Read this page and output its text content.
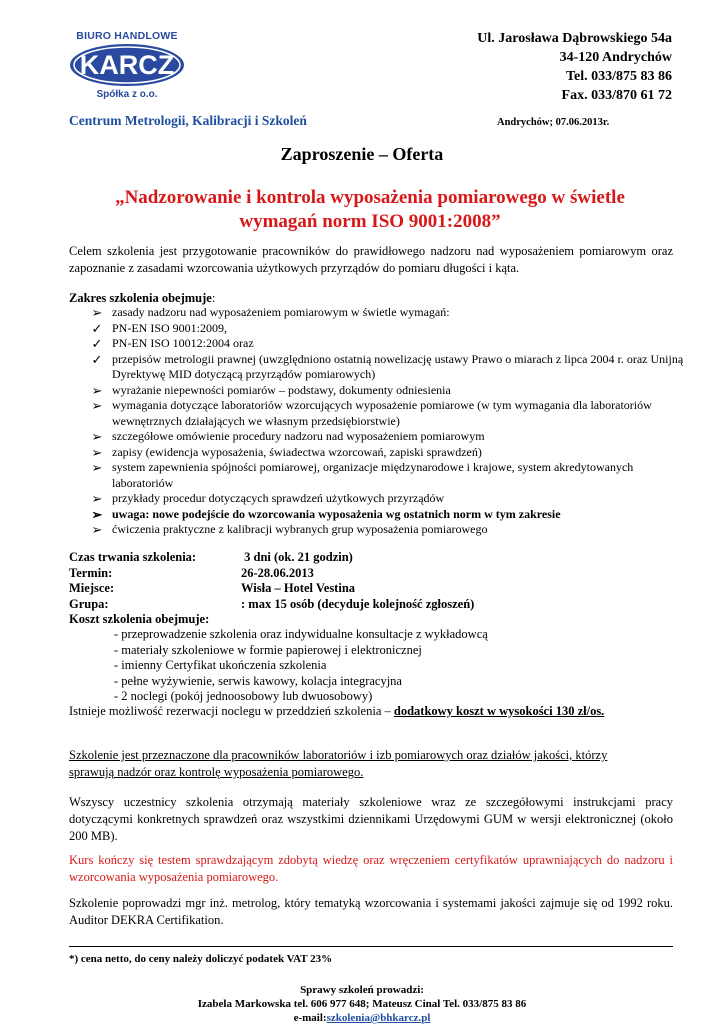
BIURO HANDLOWE
KARCZ
Spółka z o.o.
Ul. Jarosława Dąbrowskiego 54a
34-120 Andrychów
Tel. 033/875 83 86
Fax. 033/870 61 72
Centrum Metrologii, Kalibracji i Szkoleń	Andrychów; 07.06.2013r.
Zaproszenie – Oferta
„Nadzorowanie i kontrola wyposażenia pomiarowego w świetle
wymagań norm ISO 9001:2008”
Celem szkolenia jest przygotowanie pracowników do prawidłowego nadzoru nad wyposażeniem pomiarowym oraz zapoznanie z zasadami wzorcowania użytkowych przyrządów do pomiaru długości i kąta.
Zakres szkolenia obejmuje:
➢ zasady nadzoru nad wyposażeniem pomiarowym w świetle wymagań:
✓ PN-EN ISO 9001:2009,
✓ PN-EN ISO 10012:2004 oraz
✓ przepisów metrologii prawnej (uwzględniono ostatnią nowelizację ustawy Prawo o miarach z lipca 2004 r. oraz Unijną Dyrektywę MID dotyczącą przyrządów pomiarowych)
➢ wyrażanie niepewności pomiarów – podstawy, dokumenty odniesienia
➢ wymagania dotyczące laboratoriów wzorcujących wyposażenie pomiarowe (w tym wymagania dla laboratoriów wewnętrznych działających we własnym przedsiębiorstwie)
➢ szczegółowe omówienie procedury nadzoru nad wyposażeniem pomiarowym
➢ zapisy (ewidencja wyposażenia, świadectwa wzorcowań, zapiski sprawdzeń)
➢ system zapewnienia spójności pomiarowej, organizacje międzynarodowe i krajowe, system akredytowanych laboratoriów
➢ przykłady procedur dotyczących sprawdzeń użytkowych przyrządów
➢ uwaga: nowe podejście do wzorcowania wyposażenia wg ostatnich norm w tym zakresie
➢ ćwiczenia praktyczne z kalibracji wybranych grup wyposażenia pomiarowego
Czas trwania szkolenia:	3 dni (ok. 21 godzin)
Termin:	26-28.06.2013
Miejsce:	Wisła – Hotel Vestina
Grupa:	: max 15 osób (decyduje kolejność zgłoszeń)
Koszt szkolenia obejmuje:
- przeprowadzenie szkolenia oraz indywidualne konsultacje z wykładowcą
- materiały szkoleniowe w formie papierowej i elektronicznej
- imienny Certyfikat ukończenia szkolenia
- pełne wyżywienie, serwis kawowy, kolacja integracyjna
- 2 noclegi (pokój jednoosobowy lub dwuosobowy)
Istnieje możliwość rezerwacji noclegu w przeddzień szkolenia – dodatkowy koszt w wysokości 130 zł/os.
Szkolenie jest przeznaczone dla pracowników laboratoriów i izb pomiarowych oraz działów jakości, którzy sprawują nadzór oraz kontrolę wyposażenia pomiarowego.
Wszyscy uczestnicy szkolenia otrzymają materiały szkoleniowe wraz ze szczegółowymi instrukcjami pracy dotyczącymi konkretnych sprawdzeń oraz wszystkimi dziennikami Urzędowymi GUM w wersji elektronicznej (około 200 MB).
Kurs kończy się testem sprawdzającym zdobytą wiedzę oraz wręczeniem certyfikatów uprawniających do nadzoru i wzorcowania wyposażenia pomiarowego.
Szkolenie poprowadzi mgr inż. metrolog, który tematyką wzorcowania i systemami jakości zajmuje się od 1992 roku. Auditor DEKRA Certifikation.
*) cena netto, do ceny należy doliczyć podatek VAT 23%
Sprawy szkoleń prowadzi:
Izabela Markowska tel. 606 977 648; Mateusz Cinal Tel. 033/875 83 86
e-mail:szkolenia@bhkarcz.pl
